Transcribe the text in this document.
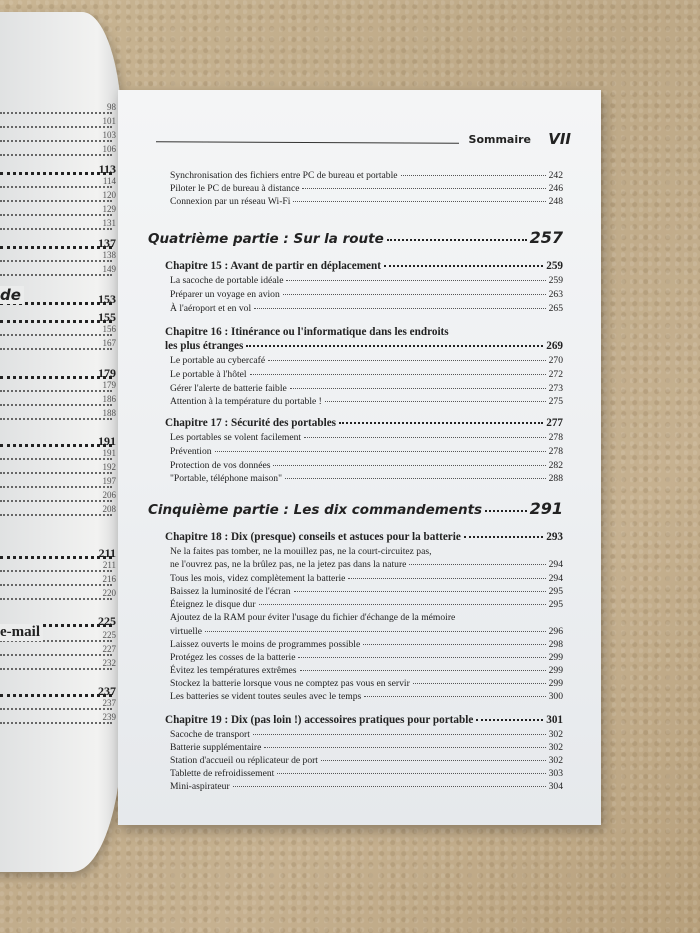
98
101
103
106
113
114
120
129
131
137
138
149
153
de
155
156
167
179
179
186
188
191
191
192
197
206
208
211
211
216
220
225
225
e-mail
227
232
237
237
239
Sommaire VII
Synchronisation des fichiers entre PC de bureau et portable	242
Piloter le PC de bureau à distance	246
Connexion par un réseau Wi-Fi	248
Quatrième partie : Sur la route	257
Chapitre 15 : Avant de partir en déplacement	259
La sacoche de portable idéale	259
Préparer un voyage en avion	263
À l'aéroport et en vol	265
Chapitre 16 : Itinérance ou l'informatique dans les endroits
les plus étranges	269
Le portable au cybercafé	270
Le portable à l'hôtel	272
Gérer l'alerte de batterie faible	273
Attention à la température du portable !	275
Chapitre 17 : Sécurité des portables	277
Les portables se volent facilement	278
Prévention	278
Protection de vos données	282
"Portable, téléphone maison"	288
Cinquième partie : Les dix commandements	291
Chapitre 18 : Dix (presque) conseils et astuces pour la batterie	293
Ne la faites pas tomber, ne la mouillez pas, ne la court-circuitez pas,
ne l'ouvrez pas, ne la brûlez pas, ne la jetez pas dans la nature	294
Tous les mois, videz complètement la batterie	294
Baissez la luminosité de l'écran	295
Éteignez le disque dur	295
Ajoutez de la RAM pour éviter l'usage du fichier d'échange de la mémoire
virtuelle	296
Laissez ouverts le moins de programmes possible	298
Protégez les cosses de la batterie	299
Évitez les températures extrêmes	299
Stockez la batterie lorsque vous ne comptez pas vous en servir	299
Les batteries se vident toutes seules avec le temps	300
Chapitre 19 : Dix (pas loin !) accessoires pratiques pour portable	301
Sacoche de transport	302
Batterie supplémentaire	302
Station d'accueil ou réplicateur de port	302
Tablette de refroidissement	303
Mini-aspirateur	304
